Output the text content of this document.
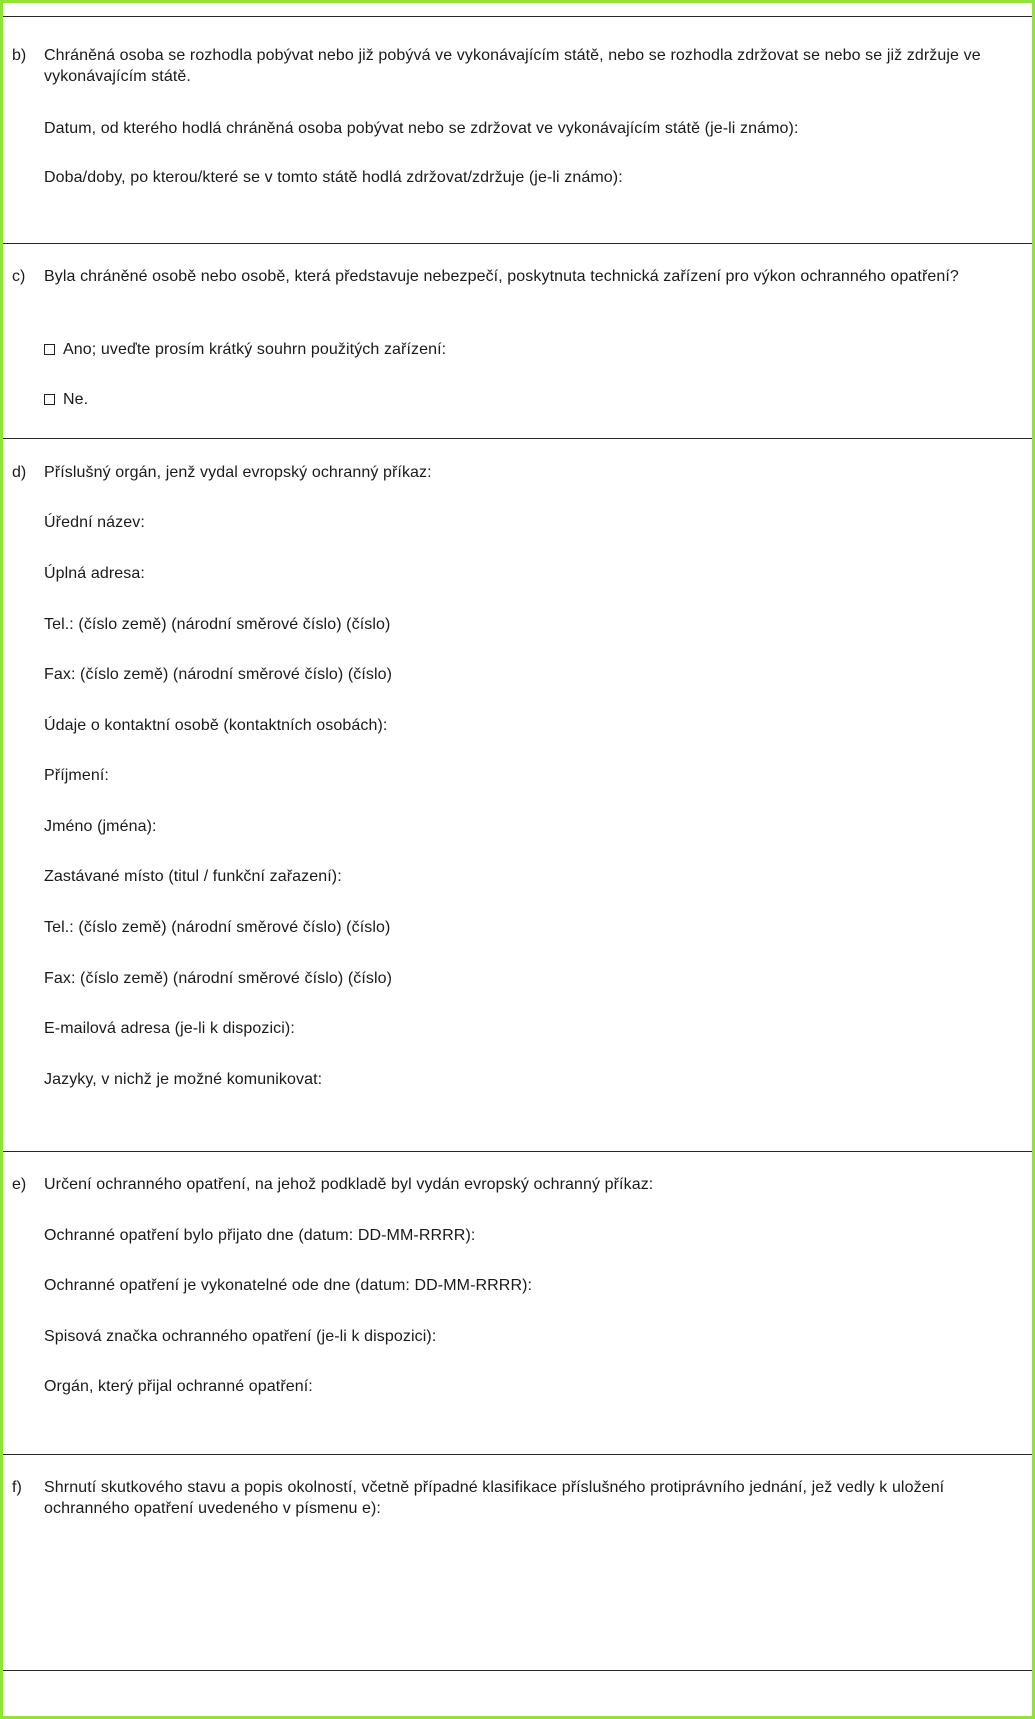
b) Chráněná osoba se rozhodla pobývat nebo již pobývá ve vykonávajícím státě, nebo se rozhodla zdržovat se nebo se již zdržuje ve vykonávajícím státě.
Datum, od kterého hodlá chráněná osoba pobývat nebo se zdržovat ve vykonávajícím státě (je-li známo):
Doba/doby, po kterou/které se v tomto státě hodlá zdržovat/zdržuje (je-li známo):
c) Byla chráněné osobě nebo osobě, která představuje nebezpečí, poskytnuta technická zařízení pro výkon ochranného opatření?
Ano; uveďte prosím krátký souhrn použitých zařízení:
Ne.
d) Příslušný orgán, jenž vydal evropský ochranný příkaz:
Úřední název:
Úplná adresa:
Tel.: (číslo země) (národní směrové číslo) (číslo)
Fax: (číslo země) (národní směrové číslo) (číslo)
Údaje o kontaktní osobě (kontaktních osobách):
Příjmení:
Jméno (jména):
Zastávané místo (titul / funkční zařazení):
Tel.: (číslo země) (národní směrové číslo) (číslo)
Fax: (číslo země) (národní směrové číslo) (číslo)
E-mailová adresa (je-li k dispozici):
Jazyky, v nichž je možné komunikovat:
e) Určení ochranného opatření, na jehož podkladě byl vydán evropský ochranný příkaz:
Ochranné opatření bylo přijato dne (datum: DD-MM-RRRR):
Ochranné opatření je vykonatelné ode dne (datum: DD-MM-RRRR):
Spisová značka ochranného opatření (je-li k dispozici):
Orgán, který přijal ochranné opatření:
f) Shrnutí skutkového stavu a popis okolností, včetně případné klasifikace příslušného protiprávního jednání, jež vedly k uložení ochranného opatření uvedeného v písmenu e):
